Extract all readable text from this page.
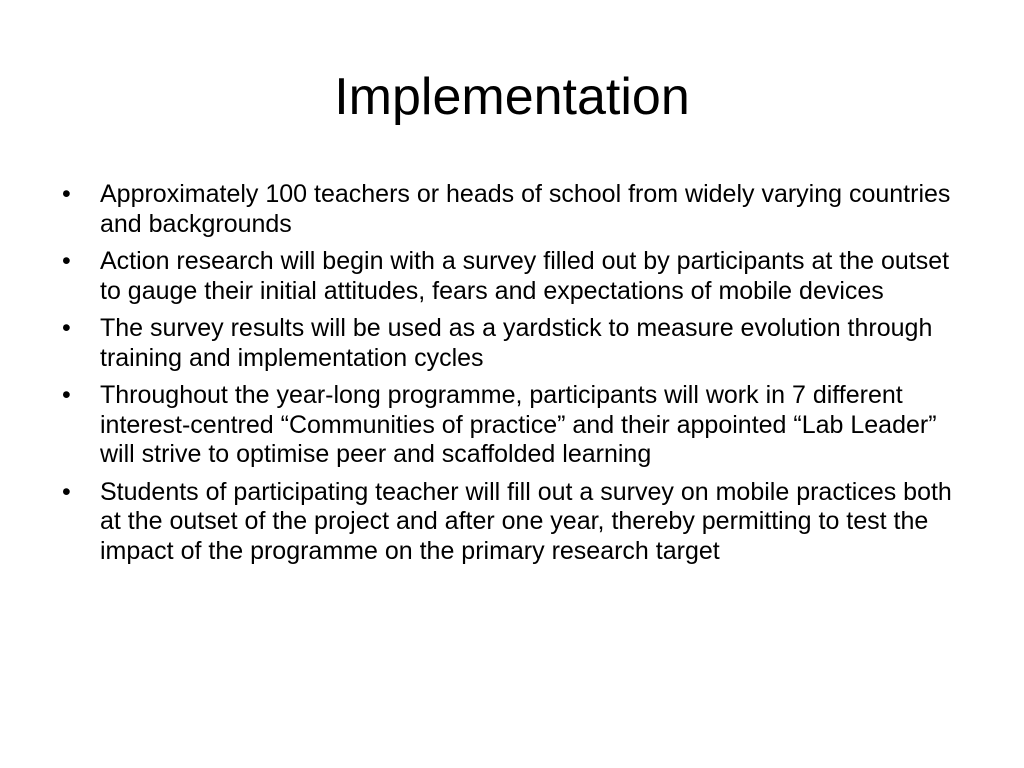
Implementation
•	Approximately 100 teachers or heads of school from widely varying countries and backgrounds
•	Action research will begin with a survey filled out by participants at the outset to gauge their initial attitudes, fears and expectations of mobile devices
•	The survey results will be used as a yardstick to measure evolution through training and implementation cycles
•	Throughout the year-long programme, participants will work in 7 different interest-centred “Communities of practice” and their appointed “Lab Leader” will strive to optimise peer and scaffolded learning
•	Students of participating teacher will fill out a survey on mobile practices both at the outset of the project and after one year, thereby permitting to test the impact of the programme on the primary research target
